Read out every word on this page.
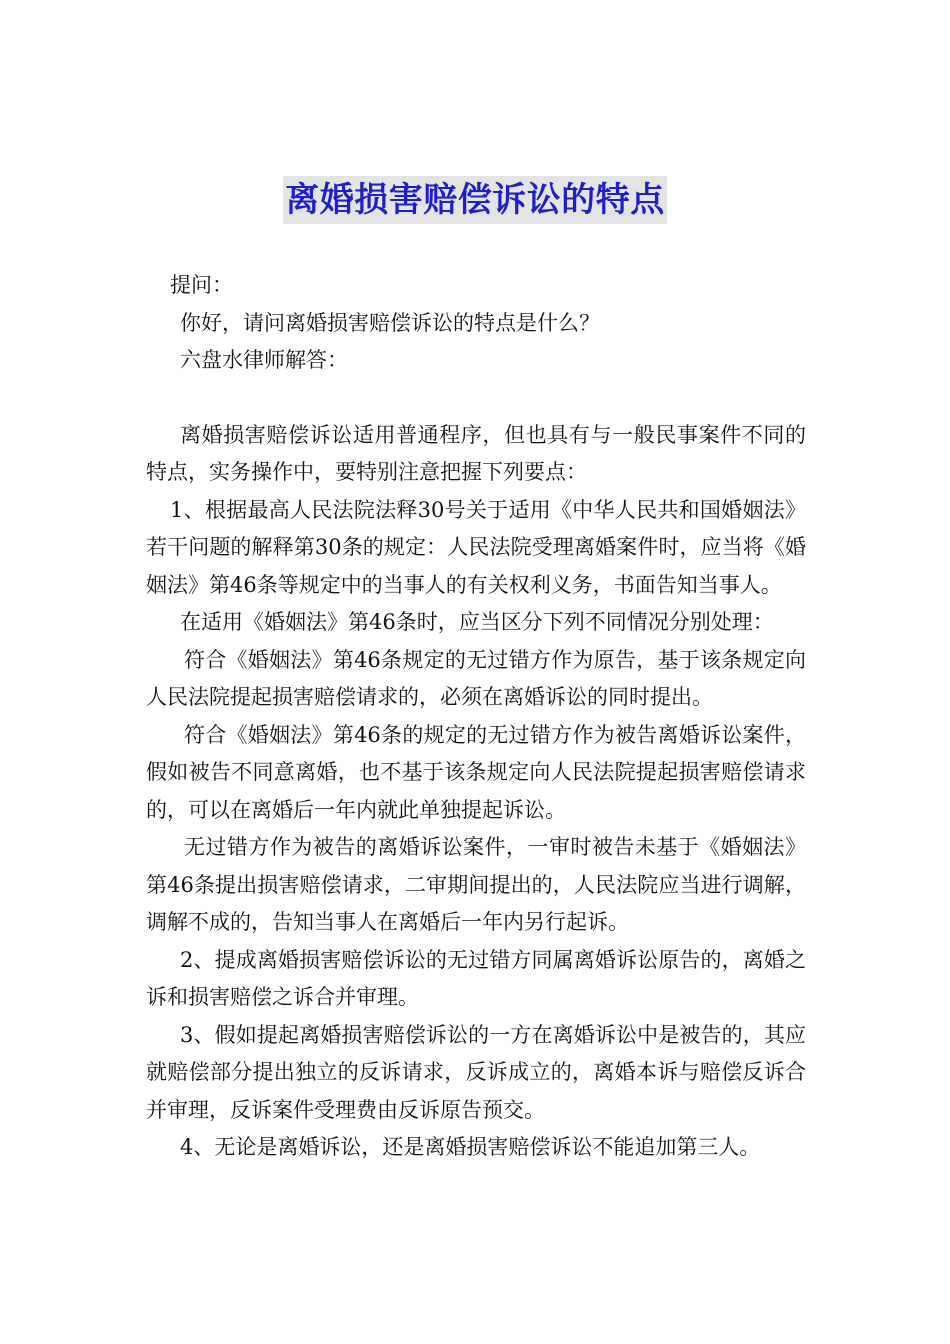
离婚损害赔偿诉讼的特点

提问：

你好，请问离婚损害赔偿诉讼的特点是什么？

六盘水律师解答：

离婚损害赔偿诉讼适用普通程序，但也具有与一般民事案件不同的特点，实务操作中，要特别注意把握下列要点：

1、根据最高人民法院法释30号关于适用《中华人民共和国婚姻法》若干问题的解释第30条的规定：人民法院受理离婚案件时，应当将《婚姻法》第46条等规定中的当事人的有关权利义务，书面告知当事人。

在适用《婚姻法》第46条时，应当区分下列不同情况分别处理：

符合《婚姻法》第46条规定的无过错方作为原告，基于该条规定向人民法院提起损害赔偿请求的，必须在离婚诉讼的同时提出。

符合《婚姻法》第46条的规定的无过错方作为被告离婚诉讼案件，假如被告不同意离婚，也不基于该条规定向人民法院提起损害赔偿请求的，可以在离婚后一年内就此单独提起诉讼。

无过错方作为被告的离婚诉讼案件，一审时被告未基于《婚姻法》第46条提出损害赔偿请求，二审期间提出的，人民法院应当进行调解，调解不成的，告知当事人在离婚后一年内另行起诉。

2、提成离婚损害赔偿诉讼的无过错方同属离婚诉讼原告的，离婚之诉和损害赔偿之诉合并审理。

3、假如提起离婚损害赔偿诉讼的一方在离婚诉讼中是被告的，其应就赔偿部分提出独立的反诉请求，反诉成立的，离婚本诉与赔偿反诉合并审理，反诉案件受理费由反诉原告预交。

4、无论是离婚诉讼，还是离婚损害赔偿诉讼不能追加第三人。
